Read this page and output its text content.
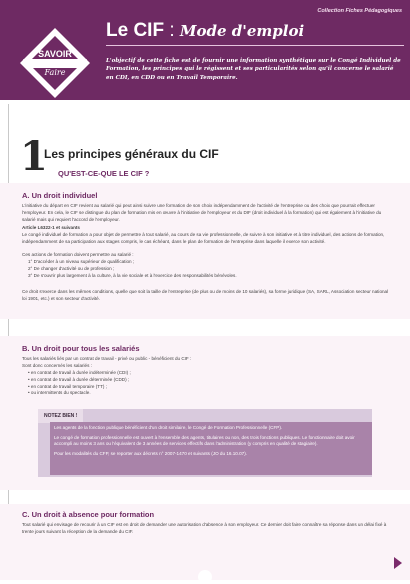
Collection Fiches Pédagogiques
SAVOIR
Faire
Le CIF : Mode d'emploi
L'objectif de cette fiche est de fournir une information synthétique sur le Congé Individuel de Formation, les principes qui le régissent et ses particularités selon qu'il concerne le salarié en CDI, en CDD ou en Travail Temporaire.
1
Les principes généraux du CIF
QU'EST-CE-QUE LE CIF ?
A. Un droit individuel
L'initiative du départ en CIF revient au salarié qui peut ainsi suivre une formation de son choix indépendamment de l'activité de l'entreprise ou des choix que pourrait effectuer l'employeur. En cela, le CIF se distingue du plan de formation mis en œuvre à l'initiative de l'employeur et du DIF (droit individuel à la formation) qui est également à l'initiative du salarié mais qui requiert l'accord de l'employeur.
Article L6322-1 et suivants
Le congé individuel de formation a pour objet de permettre à tout salarié, au cours de sa vie professionnelle, de suivre à son initiative et à titre individuel, des actions de formation, indépendamment de sa participation aux stages compris, le cas échéant, dans le plan de formation de l'entreprise dans laquelle il exerce son activité.
Ces actions de formation doivent permettre au salarié :
1° D'accéder à un niveau supérieur de qualification ;
2° De changer d'activité ou de profession ;
3° De s'ouvrir plus largement à la culture, à la vie sociale et à l'exercice des responsabilités bénévoles.
Ce droit s'exerce dans les mêmes conditions, quelle que soit la taille de l'entreprise (de plus ou de moins de 10 salariés), sa forme juridique (SA, SARL, Association secteur national loi 1901, etc.) et son secteur d'activité.
B. Un droit pour tous les salariés
Tous les salariés liés par un contrat de travail - privé ou public - bénéficient du CIF :
Sont donc concernés les salariés :
• en contrat de travail à durée indéterminée (CDI) ;
• en contrat de travail à durée déterminée (CDD) ;
• en contrat de travail temporaire (TT) ;
• ou intermittents du spectacle.
NOTEZ BIEN !

Les agents de la fonction publique bénéficient d'un droit similaire, le Congé de Formation Professionnelle (CFP).

Le congé de formation professionnelle est ouvert à l'ensemble des agents, titulaires ou non, des trois fonctions publiques. Le fonctionnaire doit avoir accompli au moins 3 ans ou l'équivalent de 3 années de services effectifs dans l'administration (y compris en qualité de stagiaire).

Pour les modalités du CFP, se reporter aux décrets n° 2007-1470 et suivants (JO du 16.10.07).

C. Un droit à absence pour formation
Tout salarié qui envisage de recourir à un CIF est en droit de demander une autorisation d'absence à son employeur. Ce dernier doit faire connaître sa réponse dans un délai fixé à trente jours suivant la réception de la demande du CIF.
